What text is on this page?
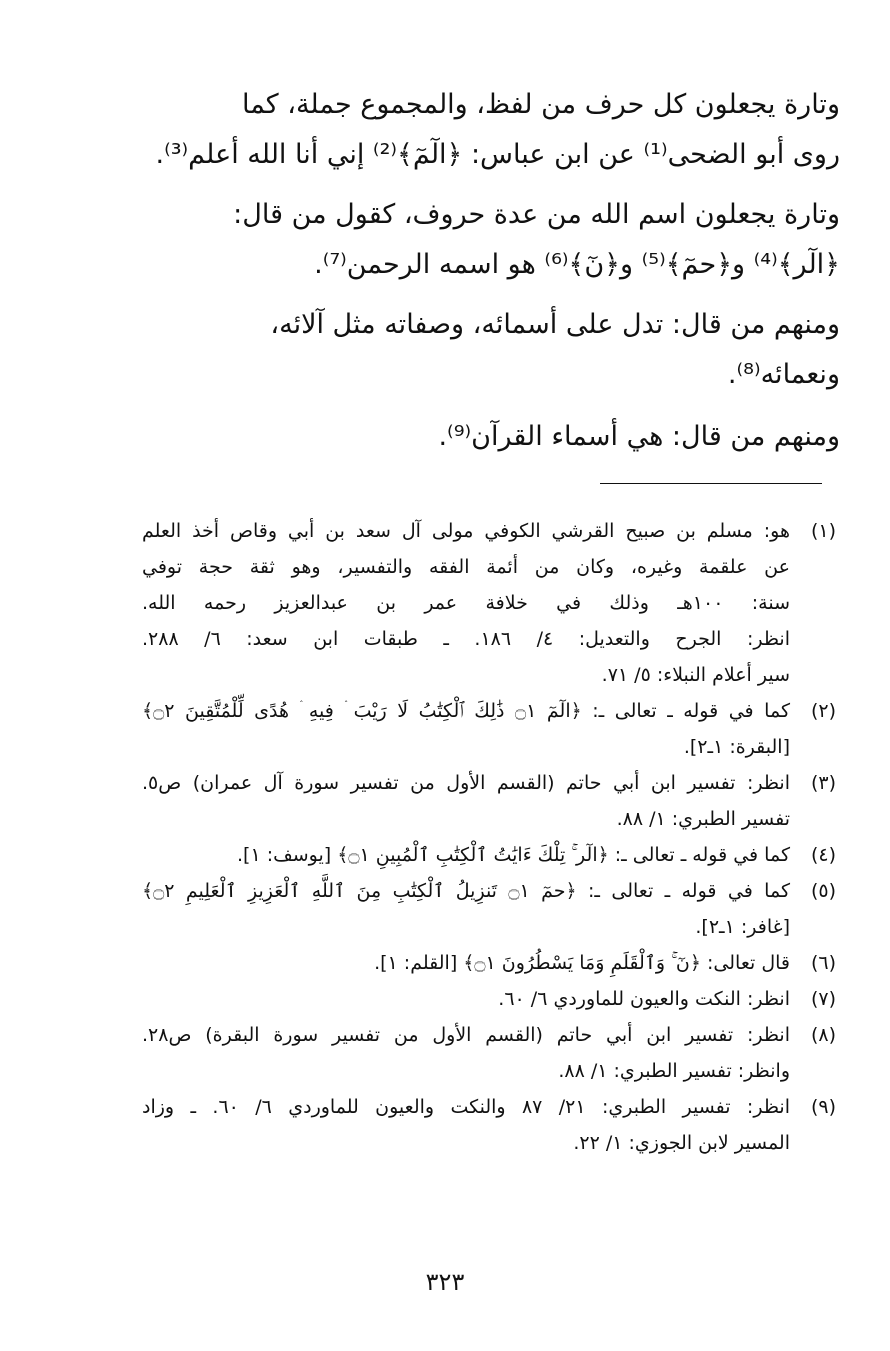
وتارة يجعلون كل حرف من لفظ، والمجموع جملة، كما

روى أبو الضحى⁽¹⁾ عن ابن عباس: ﴿الٓمٓ﴾⁽²⁾ إني أنا الله أعلم⁽³⁾.

وتارة يجعلون اسم الله من عدة حروف، كقول من قال:

﴿الٓر﴾⁽⁴⁾ و﴿حمٓ﴾⁽⁵⁾ و﴿نٓ﴾⁽⁶⁾ هو اسمه الرحمن⁽⁷⁾.

ومنهم من قال: تدل على أسمائه، وصفاته مثل آلائه،

ونعمائه⁽⁸⁾.

ومنهم من قال: هي أسماء القرآن⁽⁹⁾.

(١)
هو: مسلم بن صبيح القرشي الكوفي مولى آل سعد بن أبي وقاص أخذ العلم
عن علقمة وغيره، وكان من أئمة الفقه والتفسير، وهو ثقة حجة توفي
سنة: ١٠٠هـ وذلك في خلافة عمر بن عبدالعزيز رحمه الله.
انظر: الجرح والتعديل: ٤/ ١٨٦. ـ طبقات ابن سعد: ٦/ ٢٨٨.
سير أعلام النبلاء: ٥/ ٧١.
(٢)
كما في قوله ـ تعالى ـ: ﴿الٓمٓ ۝١ ذَٰلِكَ ٱلْكِتَٰبُ لَا رَيْبَ ۛ فِيهِ ۛ هُدًى لِّلْمُتَّقِينَ ۝٢﴾
[البقرة: ١ـ٢].
(٣)
انظر: تفسير ابن أبي حاتم (القسم الأول من تفسير سورة آل عمران) ص٥.
تفسير الطبري: ١/ ٨٨.
(٤)
كما في قوله ـ تعالى ـ: ﴿الٓر ۚ تِلْكَ ءَايَٰتُ ٱلْكِتَٰبِ ٱلْمُبِينِ ۝١﴾ [يوسف: ١].
(٥)
كما في قوله ـ تعالى ـ: ﴿حمٓ ۝١ تَنزِيلُ ٱلْكِتَٰبِ مِنَ ٱللَّهِ ٱلْعَزِيزِ ٱلْعَلِيمِ ۝٢﴾
[غافر: ١ـ٢].
(٦)
قال تعالى: ﴿نٓ ۚ وَٱلْقَلَمِ وَمَا يَسْطُرُونَ ۝١﴾ [القلم: ١].
(٧)
انظر: النكت والعيون للماوردي ٦/ ٦٠.
(٨)
انظر: تفسير ابن أبي حاتم (القسم الأول من تفسير سورة البقرة) ص٢٨.
وانظر: تفسير الطبري: ١/ ٨٨.
(٩)
انظر: تفسير الطبري: ٢١/ ٨٧ والنكت والعيون للماوردي ٦/ ٦٠. ـ وزاد
المسير لابن الجوزي: ١/ ٢٢.
٣٢٣
